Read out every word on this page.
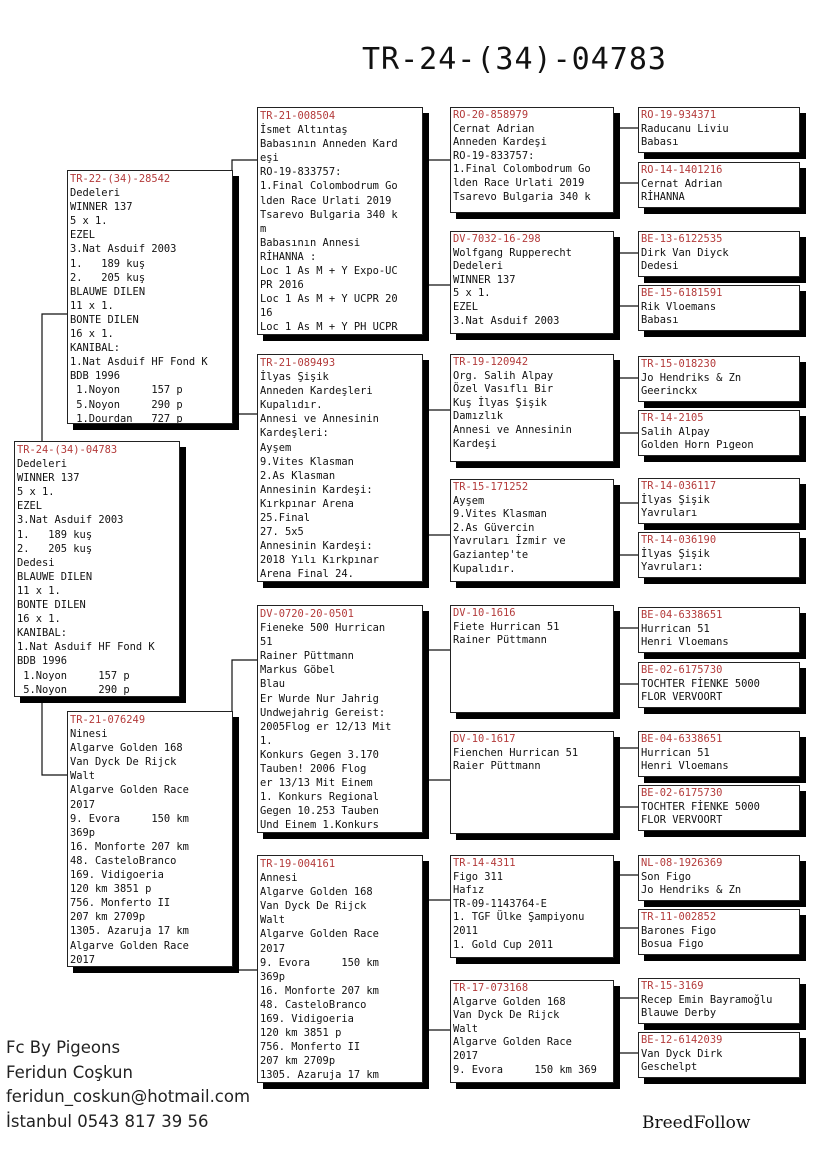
TR-24-(34)-04783
TR-24-(34)-04783
Dedeleri
WINNER 137
5 x 1.
EZEL
3.Nat Asduif 2003
1.   189 kuş
2.   205 kuş
Dedesi
BLAUWE DILEN
11 x 1.
BONTE DILEN
16 x 1.
KANIBAL:
1.Nat Asduif HF Fond K
BDB 1996
1.Noyon     157 p
5.Noyon     290 p
TR-22-(34)-28542
Dedeleri
WINNER 137
5 x 1.
EZEL
3.Nat Asduif 2003
1.   189 kuş
2.   205 kuş
BLAUWE DILEN
11 x 1.
BONTE DILEN
16 x 1.
KANIBAL:
1.Nat Asduif HF Fond K
BDB 1996
1.Noyon     157 p
5.Noyon     290 p
1.Dourdan   727 p
TR-21-076249
Ninesi
Algarve Golden 168
Van Dyck De Rijck
Walt
Algarve Golden Race
2017
9. Evora     150 km
369p
16. Monforte 207 km
48. CasteloBranco
169. Vidigoeria
120 km 3851 p
756. Monferto II
207 km 2709p
1305. Azaruja 17 km
Algarve Golden Race
2017
TR-21-008504
İsmet Altıntaş
Babasının Anneden Kard
eşi
RO-19-833757:
1.Final Colombodrum Go
lden Race Urlati 2019
Tsarevo Bulgaria 340 k
m
Babasının Annesi
RİHANNA :
Loc 1 As M + Y Expo-UC
PR 2016
Loc 1 As M + Y UCPR 20
16
Loc 1 As M + Y PH UCPR
TR-21-089493
İlyas Şişik
Anneden Kardeşleri
Kupalıdır.
Annesi ve Annesinin
Kardeşleri:
Ayşem
9.Vites Klasman
2.As Klasman
Annesinin Kardeşi:
Kırkpınar Arena
25.Final
27. 5x5
Annesinin Kardeşi:
2018 Yılı Kırkpınar
Arena Final 24.
DV-0720-20-0501
Fieneke 500 Hurrican
51
Rainer Püttmann
Markus Göbel
Blau
Er Wurde Nur Jahrig
Undwejahrig Gereist:
2005Flog er 12/13 Mit
1.
Konkurs Gegen 3.170
Tauben! 2006 Flog
er 13/13 Mit Einem
1. Konkurs Regional
Gegen 10.253 Tauben
Und Einem 1.Konkurs
TR-19-004161
Annesi
Algarve Golden 168
Van Dyck De Rijck
Walt
Algarve Golden Race
2017
9. Evora     150 km
369p
16. Monforte 207 km
48. CasteloBranco
169. Vidigoeria
120 km 3851 p
756. Monferto II
207 km 2709p
1305. Azaruja 17 km
RO-20-858979
Cernat Adrian
Anneden Kardeşi
RO-19-833757:
1.Final Colombodrum Go
lden Race Urlati 2019
Tsarevo Bulgaria 340 k
DV-7032-16-298
Wolfgang Rupperecht
Dedeleri
WINNER 137
5 x 1.
EZEL
3.Nat Asduif 2003
TR-19-120942
Org. Salih Alpay
Özel Vasıflı Bir
Kuş İlyas Şişik
Damızlık
Annesi ve Annesinin
Kardeşi
TR-15-171252
Ayşem
9.Vites Klasman
2.As Güvercin
Yavruları İzmir ve
Gaziantep'te
Kupalıdır.
DV-10-1616
Fiete Hurrican 51
Rainer Püttmann
DV-10-1617
Fienchen Hurrican 51
Raier Püttmann
TR-14-4311
Figo 311
Hafız
TR-09-1143764-E
1. TGF Ülke Şampiyonu
2011
1. Gold Cup 2011
TR-17-073168
Algarve Golden 168
Van Dyck De Rijck
Walt
Algarve Golden Race
2017
9. Evora     150 km 369
RO-19-934371
Raducanu Liviu
Babası
RO-14-1401216
Cernat Adrian
RİHANNA
BE-13-6122535
Dirk Van Diyck
Dedesi
BE-15-6181591
Rik Vloemans
Babası
TR-15-018230
Jo Hendriks & Zn
Geerinckx
TR-14-2105
Salih Alpay
Golden Horn Pıgeon
TR-14-036117
İlyas Şişik
Yavruları
TR-14-036190
İlyas Şişik
Yavruları:
BE-04-6338651
Hurrican 51
Henri Vloemans
BE-02-6175730
TOCHTER FİENKE 5000
FLOR VERVOORT
BE-04-6338651
Hurrican 51
Henri Vloemans
BE-02-6175730
TOCHTER FİENKE 5000
FLOR VERVOORT
NL-08-1926369
Son Figo
Jo Hendriks & Zn
TR-11-002852
Barones Figo
Bosua Figo
TR-15-3169
Recep Emin Bayramoğlu
Blauwe Derby
BE-12-6142039
Van Dyck Dirk
Geschelpt
Fc By Pigeons
Feridun Coşkun
feridun_coskun@hotmail.com
İstanbul 0543 817 39 56	BreedFollow
